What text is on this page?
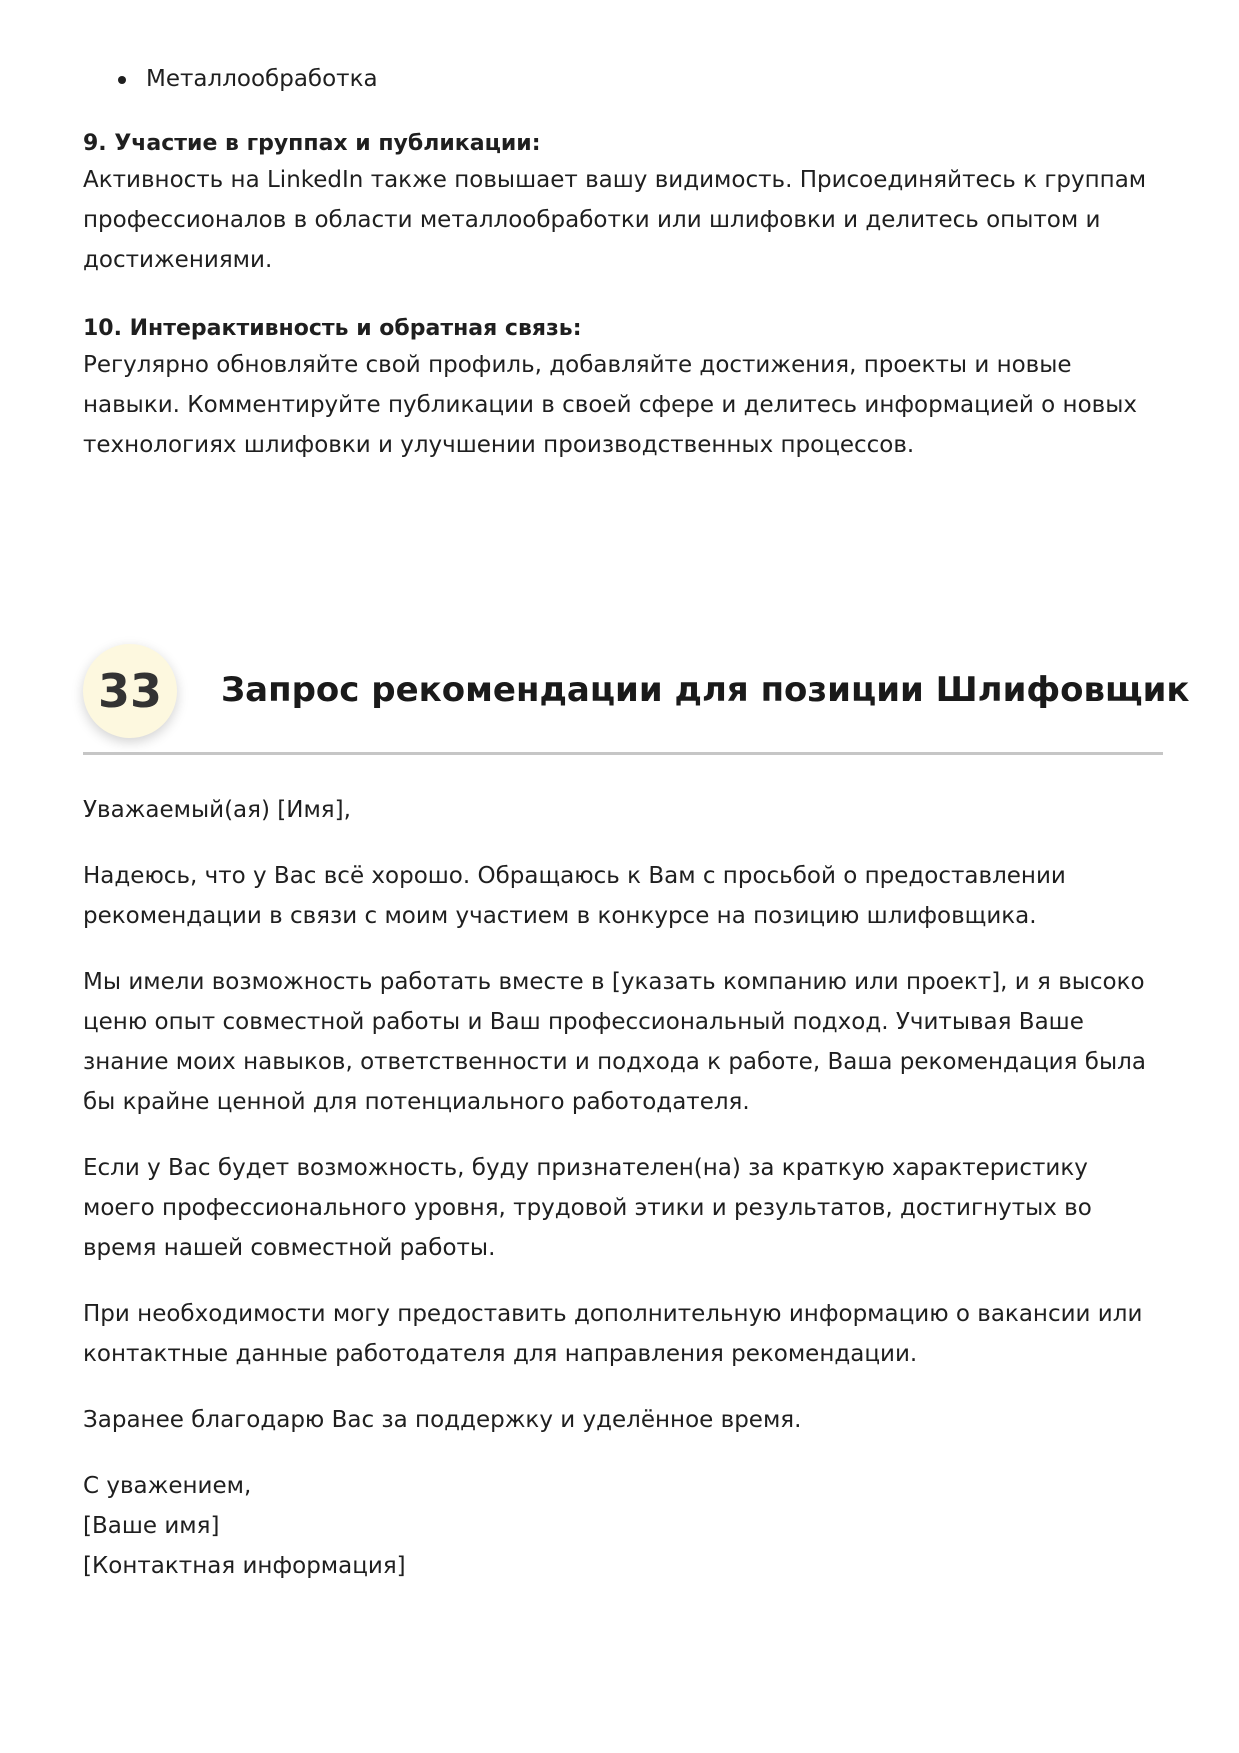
Металлообработка

9. Участие в группах и публикации:

Активность на LinkedIn также повышает вашу видимость. Присоединяйтесь к группам профессионалов в области металлообработки или шлифовки и делитесь опытом и достижениями.

10. Интерактивность и обратная связь:

Регулярно обновляйте свой профиль, добавляйте достижения, проекты и новые навыки. Комментируйте публикации в своей сфере и делитесь информацией о новых технологиях шлифовки и улучшении производственных процессов.

33	Запрос рекомендации для позиции Шлифовщик

Уважаемый(ая) [Имя],

Надеюсь, что у Вас всё хорошо. Обращаюсь к Вам с просьбой о предоставлении рекомендации в связи с моим участием в конкурсе на позицию шлифовщика.

Мы имели возможность работать вместе в [указать компанию или проект], и я высоко ценю опыт совместной работы и Ваш профессиональный подход. Учитывая Ваше знание моих навыков, ответственности и подхода к работе, Ваша рекомендация была бы крайне ценной для потенциального работодателя.

Если у Вас будет возможность, буду признателен(на) за краткую характеристику моего профессионального уровня, трудовой этики и результатов, достигнутых во время нашей совместной работы.

При необходимости могу предоставить дополнительную информацию о вакансии или контактные данные работодателя для направления рекомендации.

Заранее благодарю Вас за поддержку и уделённое время.

С уважением,
[Ваше имя]
[Контактная информация]
